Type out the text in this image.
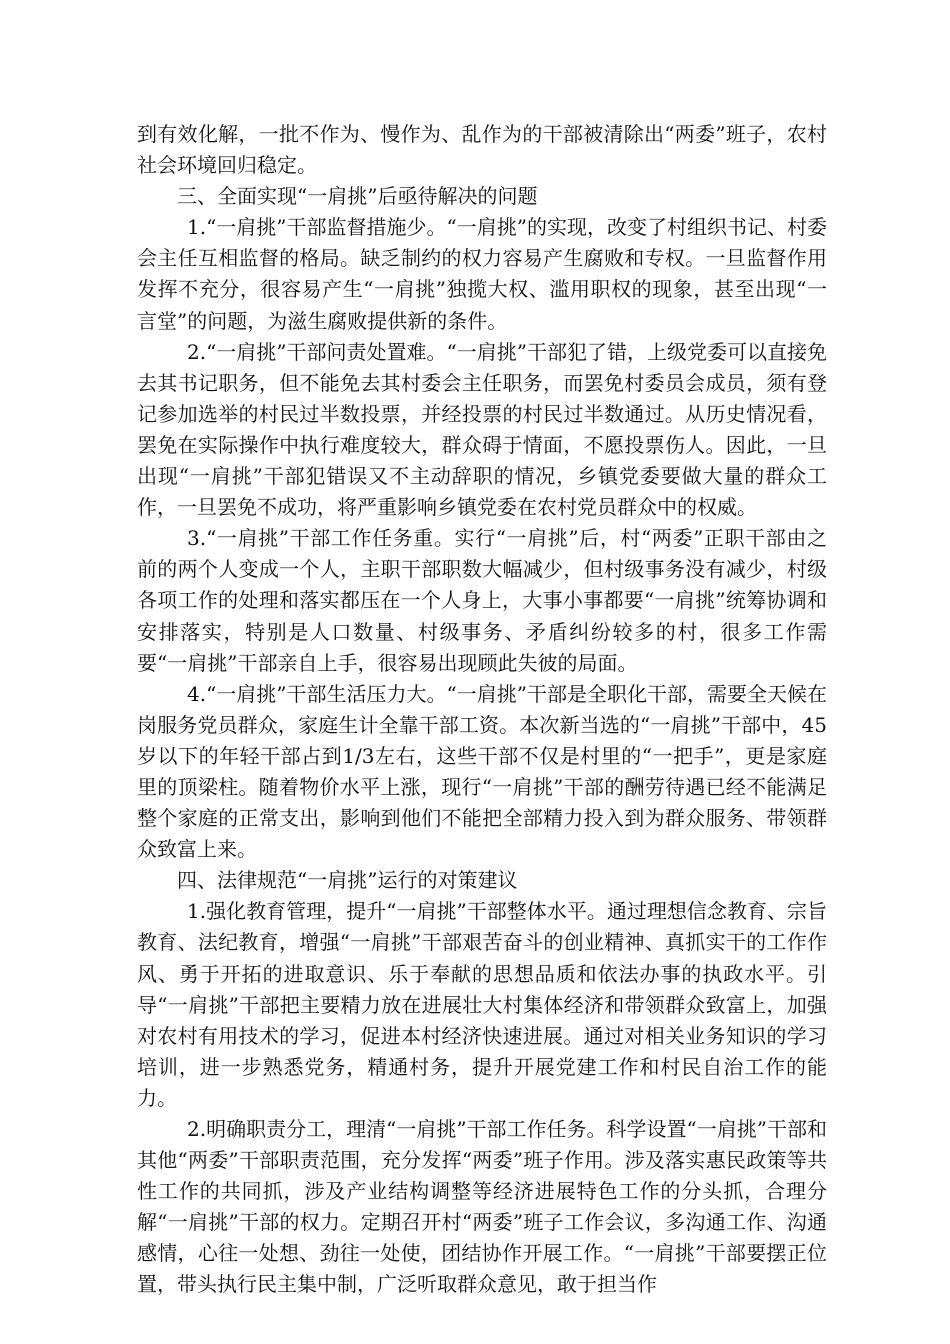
到有效化解，一批不作为、慢作为、乱作为的干部被清除出“两委”班子，农村社会环境回归稳定。

三、全面实现“一肩挑”后亟待解决的问题

1.“一肩挑”干部监督措施少。“一肩挑”的实现，改变了村组织书记、村委会主任互相监督的格局。缺乏制约的权力容易产生腐败和专权。一旦监督作用发挥不充分，很容易产生“一肩挑”独揽大权、滥用职权的现象，甚至出现“一言堂”的问题，为滋生腐败提供新的条件。

2.“一肩挑”干部问责处置难。“一肩挑”干部犯了错，上级党委可以直接免去其书记职务，但不能免去其村委会主任职务，而罢免村委员会成员，须有登记参加选举的村民过半数投票，并经投票的村民过半数通过。从历史情况看，罢免在实际操作中执行难度较大，群众碍于情面，不愿投票伤人。因此，一旦出现“一肩挑”干部犯错误又不主动辞职的情况，乡镇党委要做大量的群众工作，一旦罢免不成功，将严重影响乡镇党委在农村党员群众中的权威。

3.“一肩挑”干部工作任务重。实行“一肩挑”后，村“两委”正职干部由之前的两个人变成一个人，主职干部职数大幅减少，但村级事务没有减少，村级各项工作的处理和落实都压在一个人身上，大事小事都要“一肩挑”统筹协调和安排落实，特别是人口数量、村级事务、矛盾纠纷较多的村，很多工作需要“一肩挑”干部亲自上手，很容易出现顾此失彼的局面。

4.“一肩挑”干部生活压力大。“一肩挑”干部是全职化干部，需要全天候在岗服务党员群众，家庭生计全靠干部工资。本次新当选的“一肩挑”干部中，45岁以下的年轻干部占到1/3左右，这些干部不仅是村里的“一把手”，更是家庭里的顶梁柱。随着物价水平上涨，现行“一肩挑”干部的酬劳待遇已经不能满足整个家庭的正常支出，影响到他们不能把全部精力投入到为群众服务、带领群众致富上来。

四、法律规范“一肩挑”运行的对策建议

1.强化教育管理，提升“一肩挑”干部整体水平。通过理想信念教育、宗旨教育、法纪教育，增强“一肩挑”干部艰苦奋斗的创业精神、真抓实干的工作作风、勇于开拓的进取意识、乐于奉献的思想品质和依法办事的执政水平。引导“一肩挑”干部把主要精力放在进展壮大村集体经济和带领群众致富上，加强对农村有用技术的学习，促进本村经济快速进展。通过对相关业务知识的学习培训，进一步熟悉党务，精通村务，提升开展党建工作和村民自治工作的能力。

2.明确职责分工，理清“一肩挑”干部工作任务。科学设置“一肩挑”干部和其他“两委”干部职责范围，充分发挥“两委”班子作用。涉及落实惠民政策等共性工作的共同抓，涉及产业结构调整等经济进展特色工作的分头抓，合理分解“一肩挑”干部的权力。定期召开村“两委”班子工作会议，多沟通工作、沟通感情，心往一处想、劲往一处使，团结协作开展工作。“一肩挑”干部要摆正位置，带头执行民主集中制，广泛听取群众意见，敢于担当作
